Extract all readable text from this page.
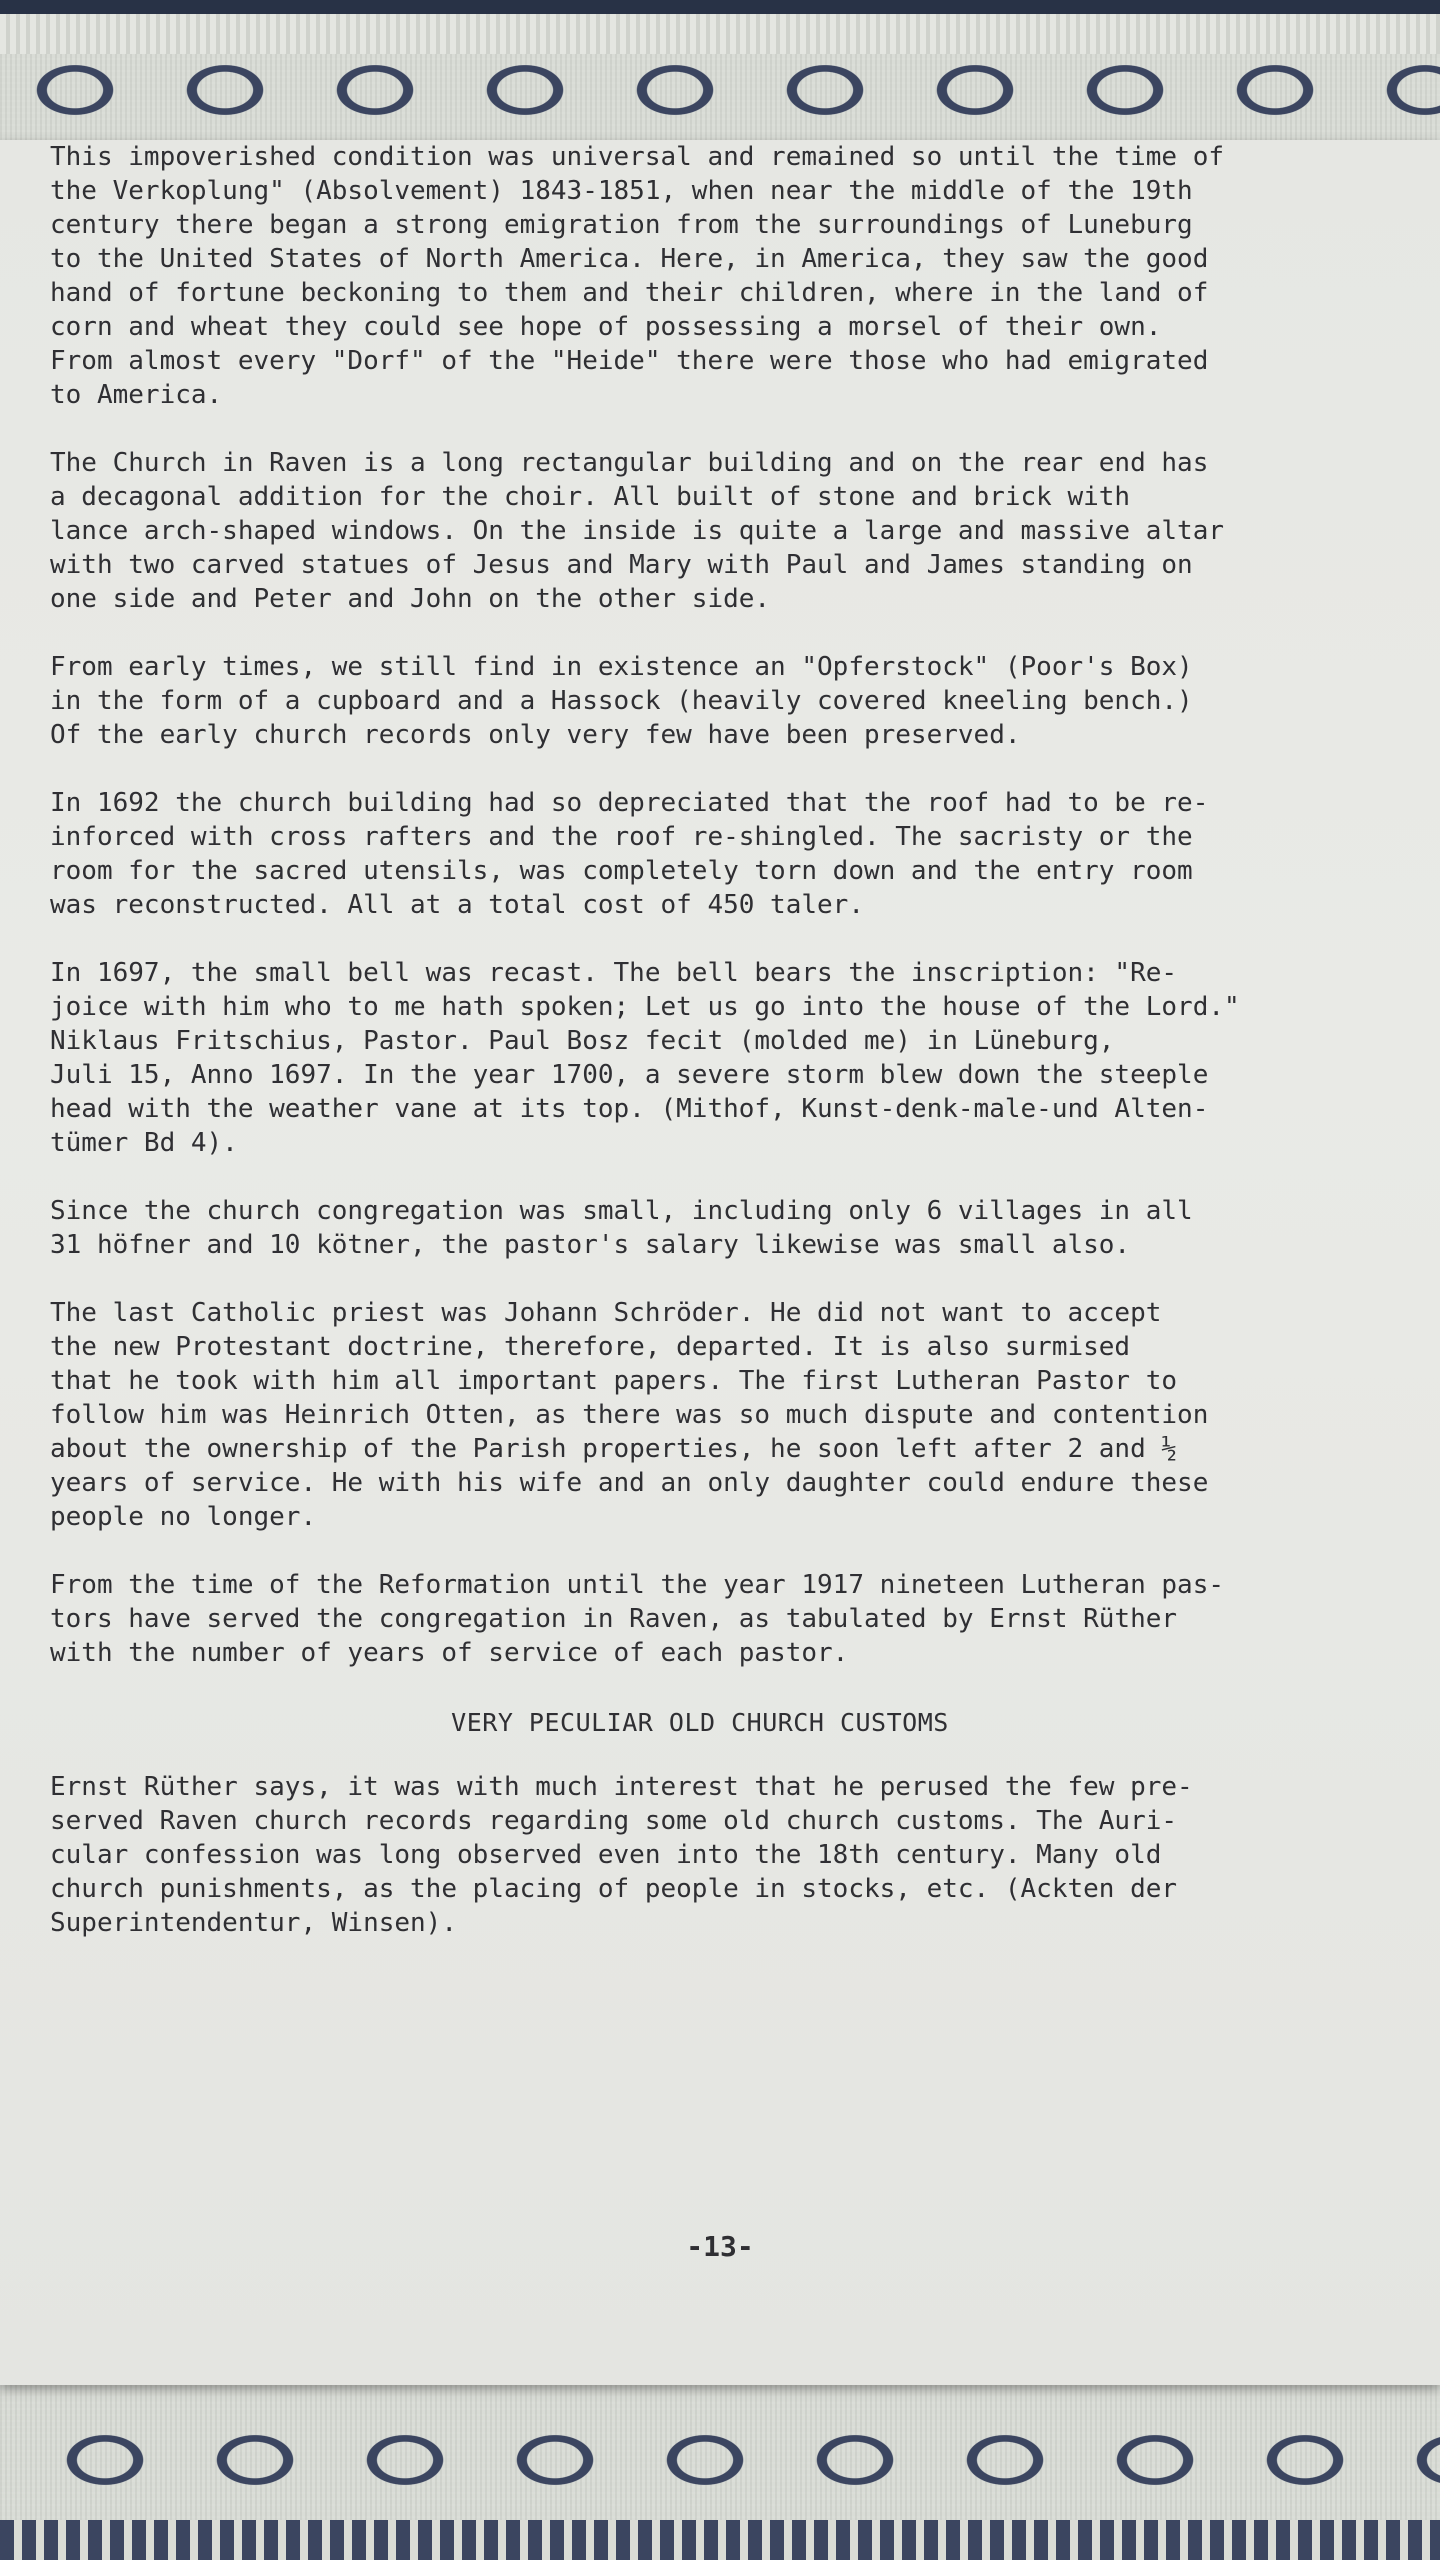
This impoverished condition was universal and remained so until the time of
the Verkoplung" (Absolvement) 1843-1851, when near the middle of the 19th
century there began a strong emigration from the surroundings of Luneburg
to the United States of North America. Here, in America, they saw the good
hand of fortune beckoning to them and their children, where in the land of
corn and wheat they could see hope of possessing a morsel of their own.
From almost every "Dorf" of the "Heide" there were those who had emigrated
to America.

The Church in Raven is a long rectangular building and on the rear end has
a decagonal addition for the choir. All built of stone and brick with
lance arch-shaped windows. On the inside is quite a large and massive altar
with two carved statues of Jesus and Mary with Paul and James standing on
one side and Peter and John on the other side.

From early times, we still find in existence an "Opferstock" (Poor's Box)
in the form of a cupboard and a Hassock (heavily covered kneeling bench.)
Of the early church records only very few have been preserved.

In 1692 the church building had so depreciated that the roof had to be re-
inforced with cross rafters and the roof re-shingled. The sacristy or the
room for the sacred utensils, was completely torn down and the entry room
was reconstructed. All at a total cost of 450 taler.

In 1697, the small bell was recast. The bell bears the inscription: "Re-
joice with him who to me hath spoken; Let us go into the house of the Lord."
Niklaus Fritschius, Pastor. Paul Bosz fecit (molded me) in Lüneburg,
Juli 15, Anno 1697. In the year 1700, a severe storm blew down the steeple
head with the weather vane at its top. (Mithof, Kunst-denk-male-und Alten-
tümer Bd 4).

Since the church congregation was small, including only 6 villages in all
31 höfner and 10 kötner, the pastor's salary likewise was small also.

The last Catholic priest was Johann Schröder. He did not want to accept
the new Protestant doctrine, therefore, departed. It is also surmised
that he took with him all important papers. The first Lutheran Pastor to
follow him was Heinrich Otten, as there was so much dispute and contention
about the ownership of the Parish properties, he soon left after 2 and ½
years of service. He with his wife and an only daughter could endure these
people no longer.

From the time of the Reformation until the year 1917 nineteen Lutheran pas-
tors have served the congregation in Raven, as tabulated by Ernst Rüther
with the number of years of service of each pastor.

VERY PECULIAR OLD CHURCH CUSTOMS

Ernst Rüther says, it was with much interest that he perused the few pre-
served Raven church records regarding some old church customs. The Auri-
cular confession was long observed even into the 18th century. Many old
church punishments, as the placing of people in stocks, etc. (Ackten der
Superintendentur, Winsen).

-13-
